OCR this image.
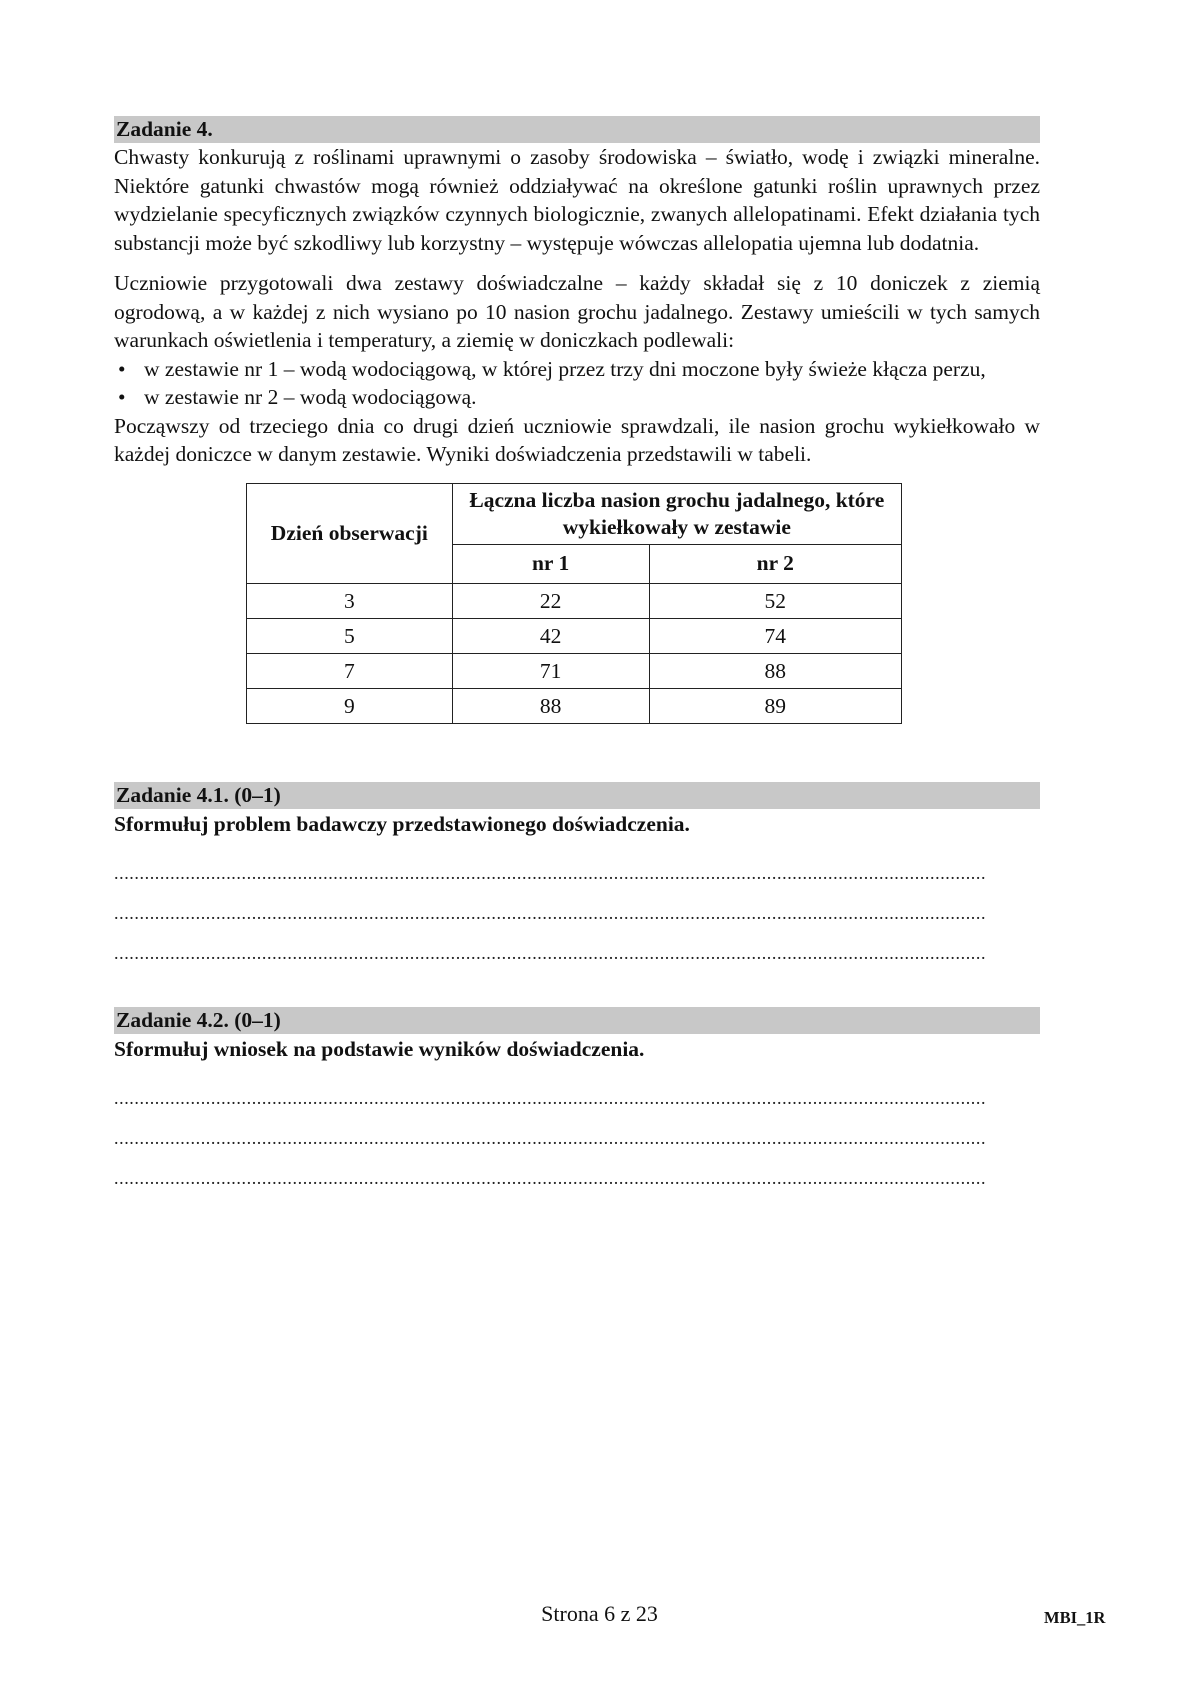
Zadanie 4.

Chwasty konkurują z roślinami uprawnymi o zasoby środowiska – światło, wodę i związki mineralne. Niektóre gatunki chwastów mogą również oddziaływać na określone gatunki roślin uprawnych przez wydzielanie specyficznych związków czynnych biologicznie, zwanych allelopatinami. Efekt działania tych substancji może być szkodliwy lub korzystny – występuje wówczas allelopatia ujemna lub dodatnia.

Uczniowie przygotowali dwa zestawy doświadczalne – każdy składał się z 10 doniczek z ziemią ogrodową, a w każdej z nich wysiano po 10 nasion grochu jadalnego. Zestawy umieścili w tych samych warunkach oświetlenia i temperatury, a ziemię w doniczkach podlewali:

• w zestawie nr 1 – wodą wodociągową, w której przez trzy dni moczone były świeże kłącza perzu,
• w zestawie nr 2 – wodą wodociągową.

Począwszy od trzeciego dnia co drugi dzień uczniowie sprawdzali, ile nasion grochu wykiełkowało w każdej doniczce w danym zestawie. Wyniki doświadczenia przedstawili w tabeli.

Dzień obserwacji	Łączna liczba nasion grochu jadalnego, które wykiełkowały w zestawie	
	nr 1	nr 2
3	22	52
5	42	74
7	71	88
9	88	89
Zadanie 4.1. (0–1)

Sformułuj problem badawczy przedstawionego doświadczenia.

...........................................................................................................................................................................
...........................................................................................................................................................................
...........................................................................................................................................................................
Zadanie 4.2. (0–1)

Sformułuj wniosek na podstawie wyników doświadczenia.

...........................................................................................................................................................................
...........................................................................................................................................................................
...........................................................................................................................................................................
Strona 6 z 23	MBI_1R
